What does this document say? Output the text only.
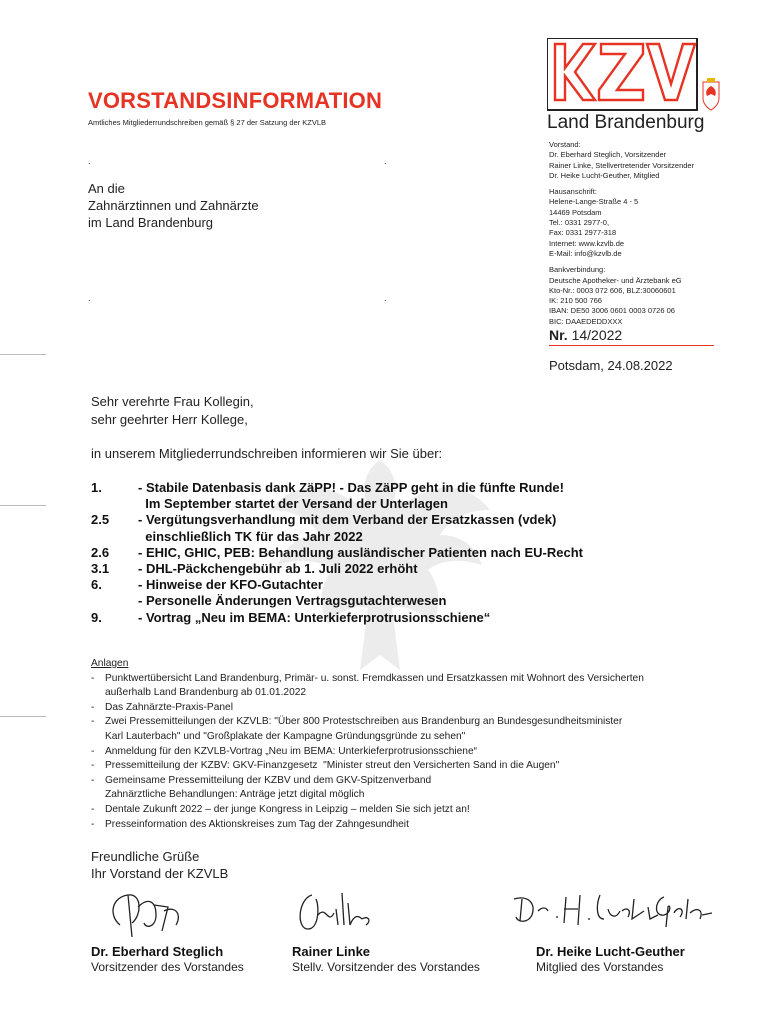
Land Brandenburg
VORSTANDSINFORMATION
Amtliches Mitgliederrundschreiben gemäß § 27 der Satzung der KZVLB
.	.
.	.
An die
Zahnärztinnen und Zahnärzte
im Land Brandenburg
Vorstand:
Dr. Eberhard Steglich, Vorsitzender
Rainer Linke, Stellvertretender Vorsitzender
Dr. Heike Lucht-Geuther, Mitglied
Hausanschrift:
Helene-Lange-Straße 4 - 5
14469 Potsdam
Tel.: 0331 2977-0,
Fax: 0331 2977-318
Internet: www.kzvlb.de
E-Mail: info@kzvlb.de
Bankverbindung:
Deutsche Apotheker- und Ärztebank eG
Kto-Nr.: 0003 072 606, BLZ:30060601
IK: 210 500 766
IBAN: DE50 3006 0601 0003 0726 06
BIC: DAAEDEDDXXX
Nr. 14/2022
Potsdam, 24.08.2022
Sehr verehrte Frau Kollegin,
sehr geehrter Herr Kollege,
in unserem Mitgliederrundschreiben informieren wir Sie über:
1.	- Stabile Datenbasis dank ZäPP! - Das ZäPP geht in die fünfte Runde!
Im September startet der Versand der Unterlagen
2.5	- Vergütungsverhandlung mit dem Verband der Ersatzkassen (vdek)
einschließlich TK für das Jahr 2022
2.6	- EHIC, GHIC, PEB: Behandlung ausländischer Patienten nach EU-Recht
3.1	- DHL-Päckchengebühr ab 1. Juli 2022 erhöht
6.	- Hinweise der KFO-Gutachter
- Personelle Änderungen Vertragsgutachterwesen
9.	- Vortrag „Neu im BEMA: Unterkieferprotrusionsschiene“
Anlagen
-	Punktwertübersicht Land Brandenburg, Primär- u. sonst. Fremdkassen und Ersatzkassen mit Wohnort des Versicherten
außerhalb Land Brandenburg ab 01.01.2022
-	Das Zahnärzte-Praxis-Panel
-	Zwei Pressemitteilungen der KZVLB: "Über 800 Protestschreiben aus Brandenburg an Bundesgesundheitsminister
Karl Lauterbach" und "Großplakate der Kampagne Gründungsgründe zu sehen"
-	Anmeldung für den KZVLB-Vortrag „Neu im BEMA: Unterkieferprotrusionsschiene“
-	Pressemitteilung der KZBV: GKV-Finanzgesetz  "Minister streut den Versicherten Sand in die Augen"
-	Gemeinsame Pressemitteilung der KZBV und dem GKV-Spitzenverband
Zahnärztliche Behandlungen: Anträge jetzt digital möglich
-	Dentale Zukunft 2022 – der junge Kongress in Leipzig – melden Sie sich jetzt an!
-	Presseinformation des Aktionskreises zum Tag der Zahngesundheit
Freundliche Grüße
Ihr Vorstand der KZVLB
Dr. Eberhard Steglich
Vorsitzender des Vorstandes
Rainer Linke
Stellv. Vorsitzender des Vorstandes
Dr. Heike Lucht-Geuther
Mitglied des Vorstandes
